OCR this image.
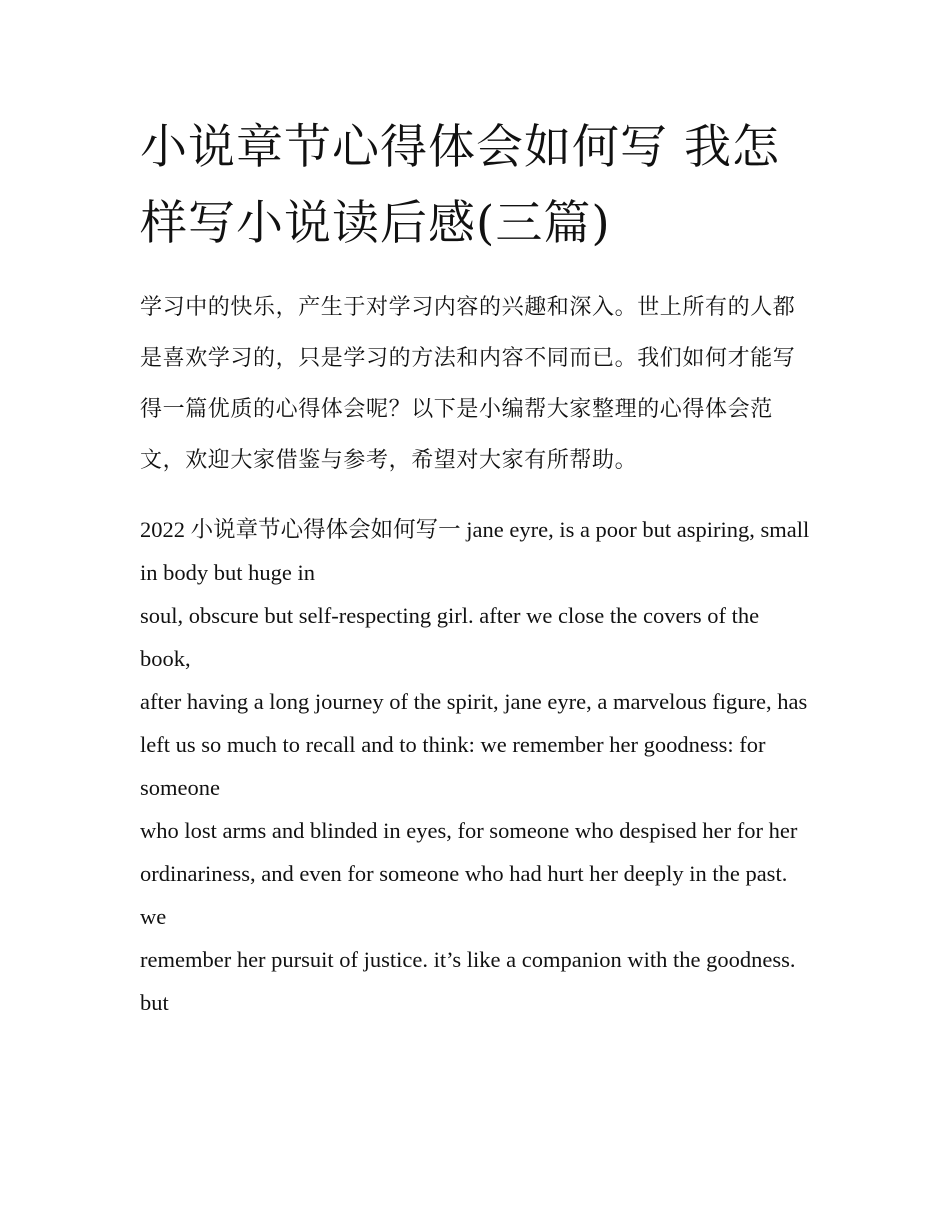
小说章节心得体会如何写 我怎样写小说读后感(三篇)

学习中的快乐，产生于对学习内容的兴趣和深入。世上所有的人都是喜欢学习的，只是学习的方法和内容不同而已。我们如何才能写得一篇优质的心得体会呢？以下是小编帮大家整理的心得体会范文，欢迎大家借鉴与参考，希望对大家有所帮助。

2022 小说章节心得体会如何写一 jane eyre, is a poor but aspiring, small in body but huge in
soul, obscure but self-respecting girl. after we close the covers of the book,
after having a long journey of the spirit, jane eyre, a marvelous figure, has
left us so much to recall and to think: we remember her goodness: for someone
who lost arms and blinded in eyes, for someone who despised her for her
ordinariness, and even for someone who had hurt her deeply in the past. we
remember her pursuit of justice. it’s like a companion with the goodness. but
